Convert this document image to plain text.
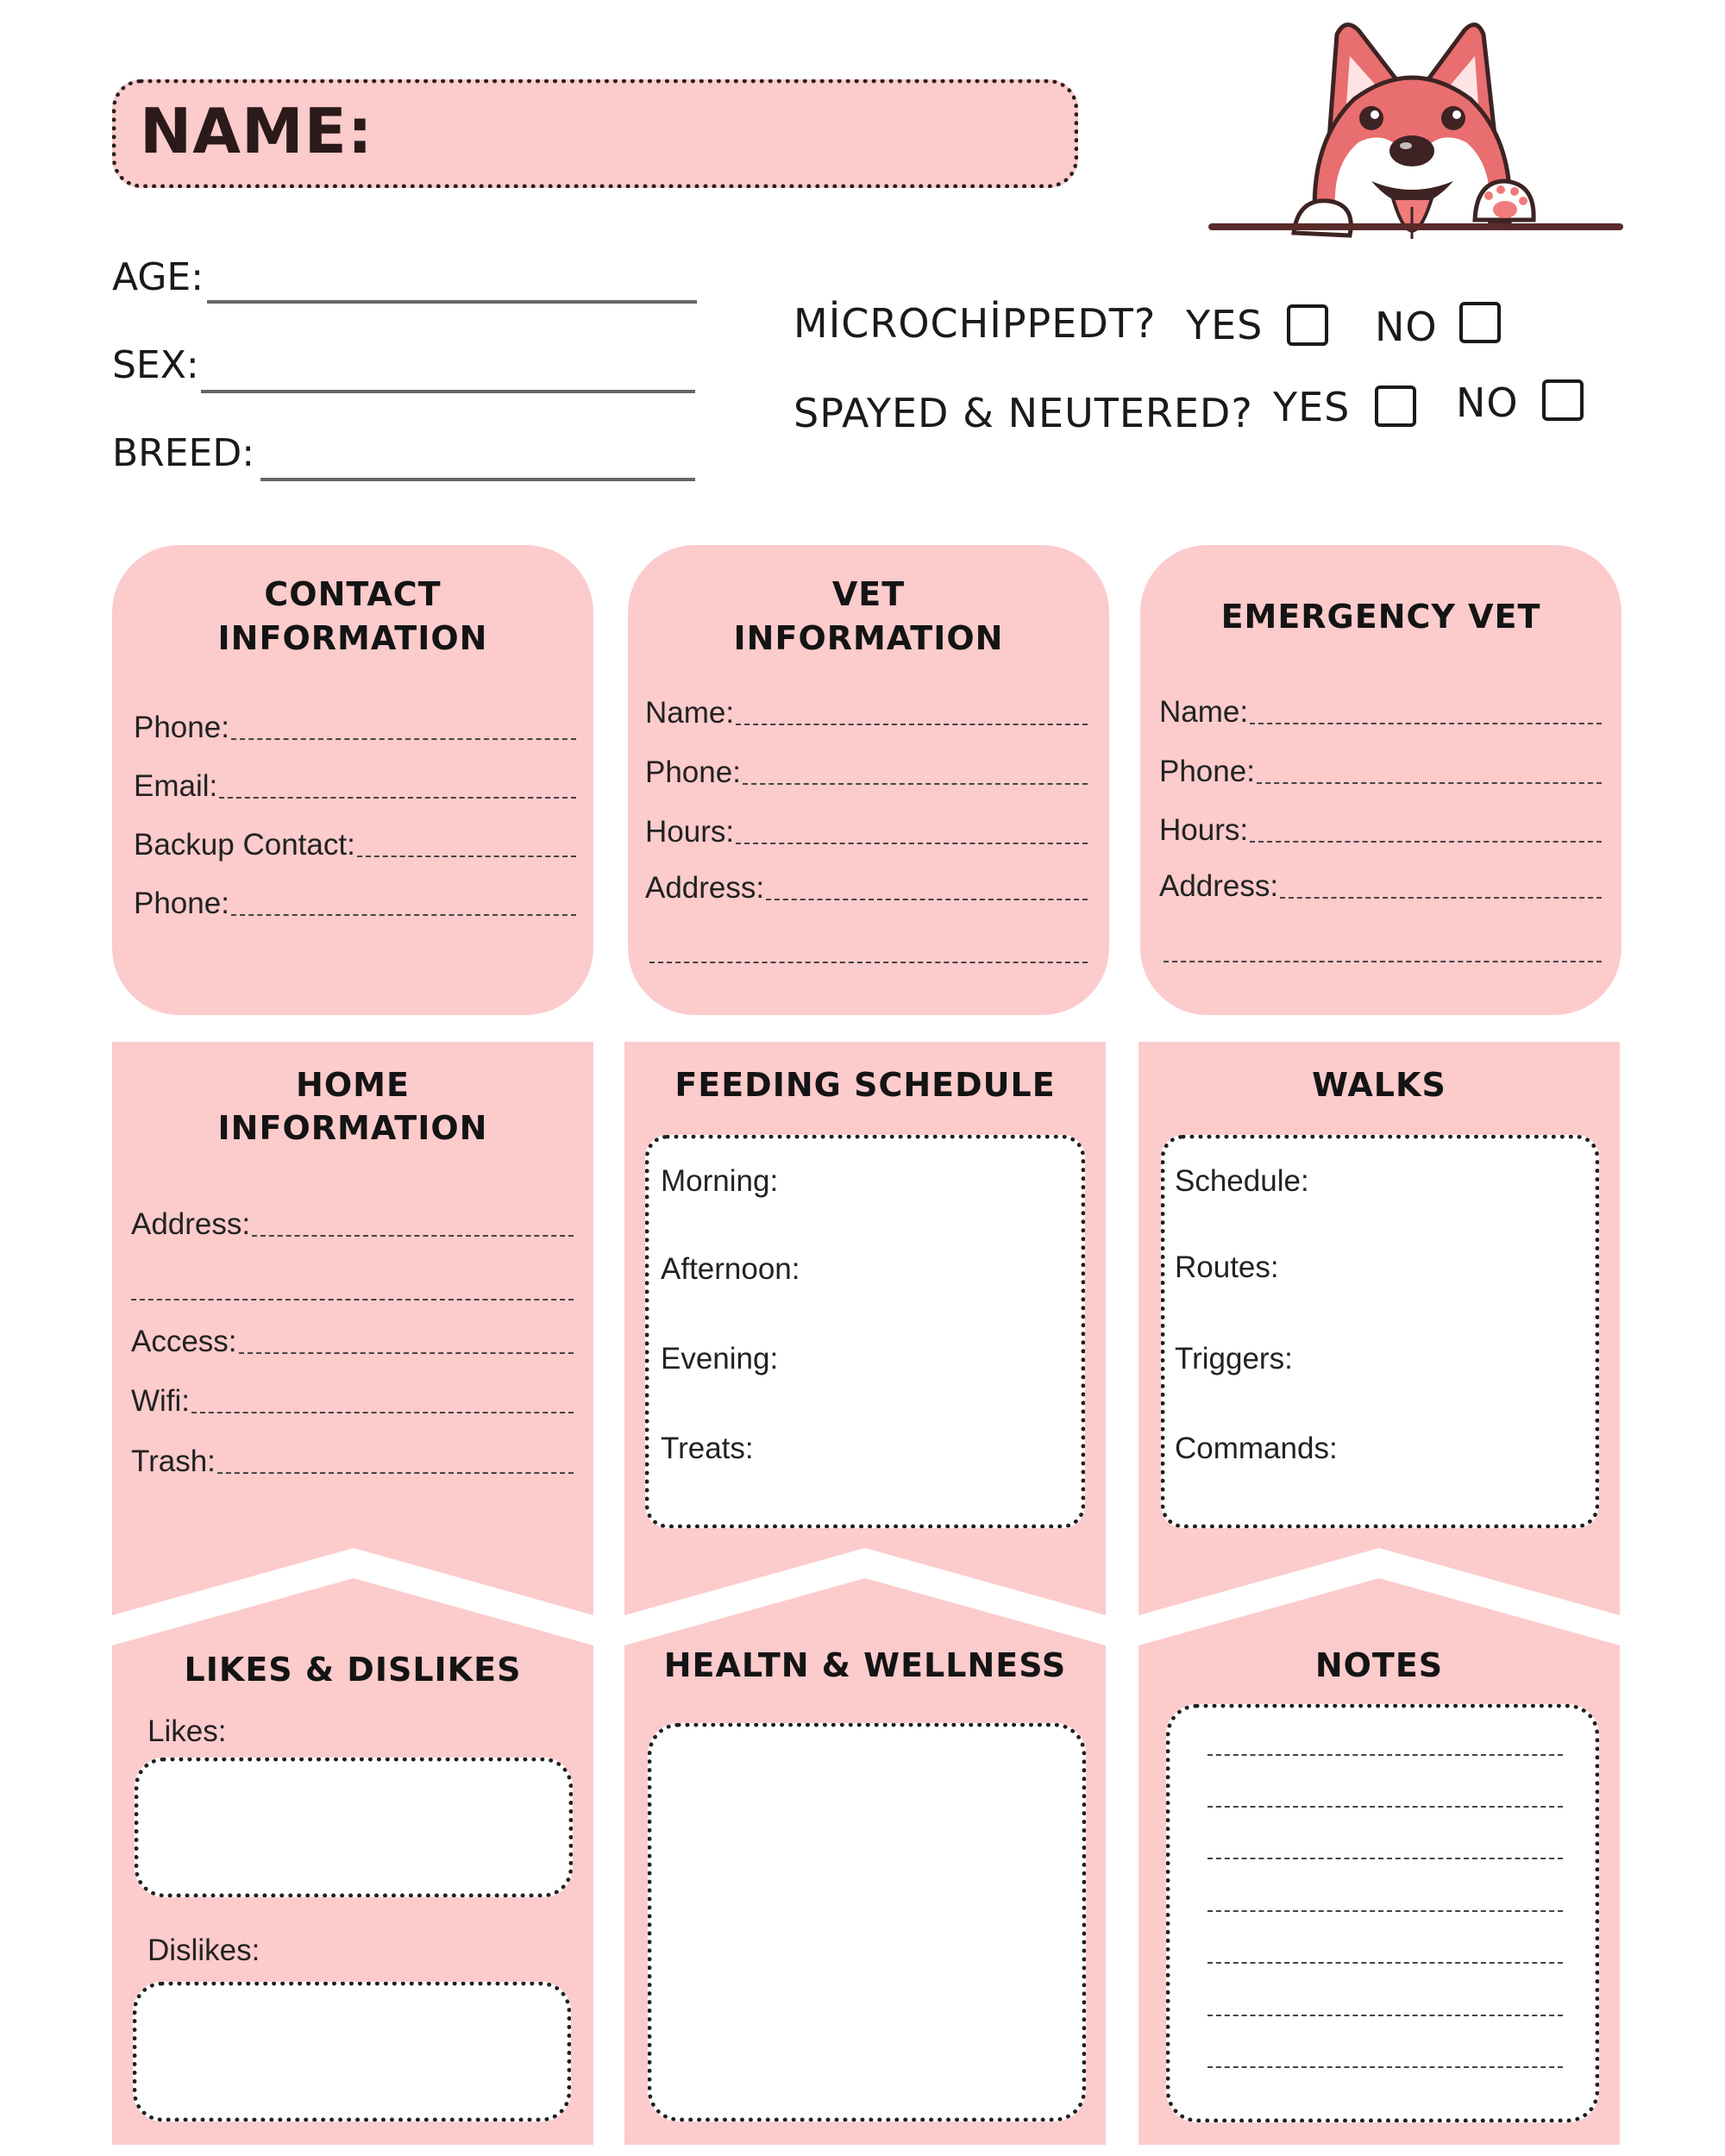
NAME:
AGE:
SEX:
BREED:
MİCROCHİPPEDT? YES	NO
SPAYED & NEUTERED? YES	NO
CONTACT
INFORMATION
Phone:
Email:
Backup Contact:
Phone:
VET
INFORMATION
Name:
Phone:
Hours:
Address:
EMERGENCY VET
Name:
Phone:
Hours:
Address:
HOME
INFORMATION
Address:
Access:
Wifi:
Trash:
FEEDING SCHEDULE
Morning:
Afternoon:
Evening:
Treats:
WALKS
Schedule:
Routes:
Triggers:
Commands:
LIKES & DISLIKES
Likes:
Dislikes:
HEALTN & WELLNESS	NOTES
